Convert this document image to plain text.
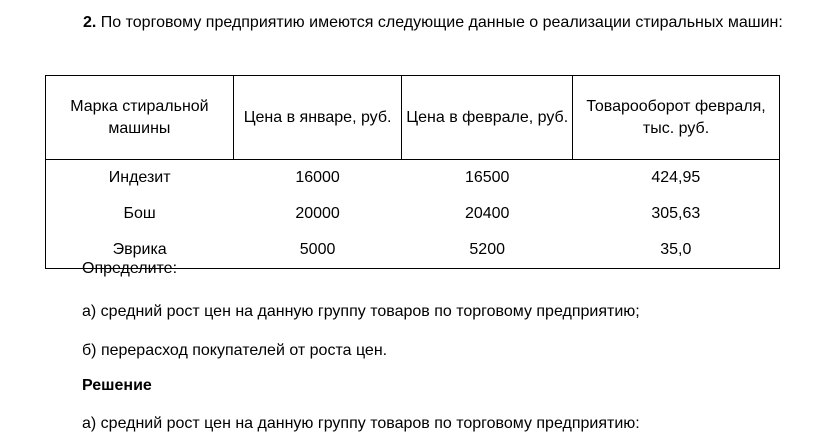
2. По торговому предприятию имеются следующие данные о реализации стиральных машин:

Марка стиральной машины	Цена в январе, руб.	Цена в феврале, руб.	Товарооборот февраля, тыс. руб.
Индезит	16000	16500	424,95
Бош	20000	20400	305,63
Эврика	5000	5200	35,0
Определите:
а) средний рост цен на данную группу товаров по торговому предприятию;
б) перерасход покупателей от роста цен.
Решение
а) средний рост цен на данную группу товаров по торговому предприятию:
